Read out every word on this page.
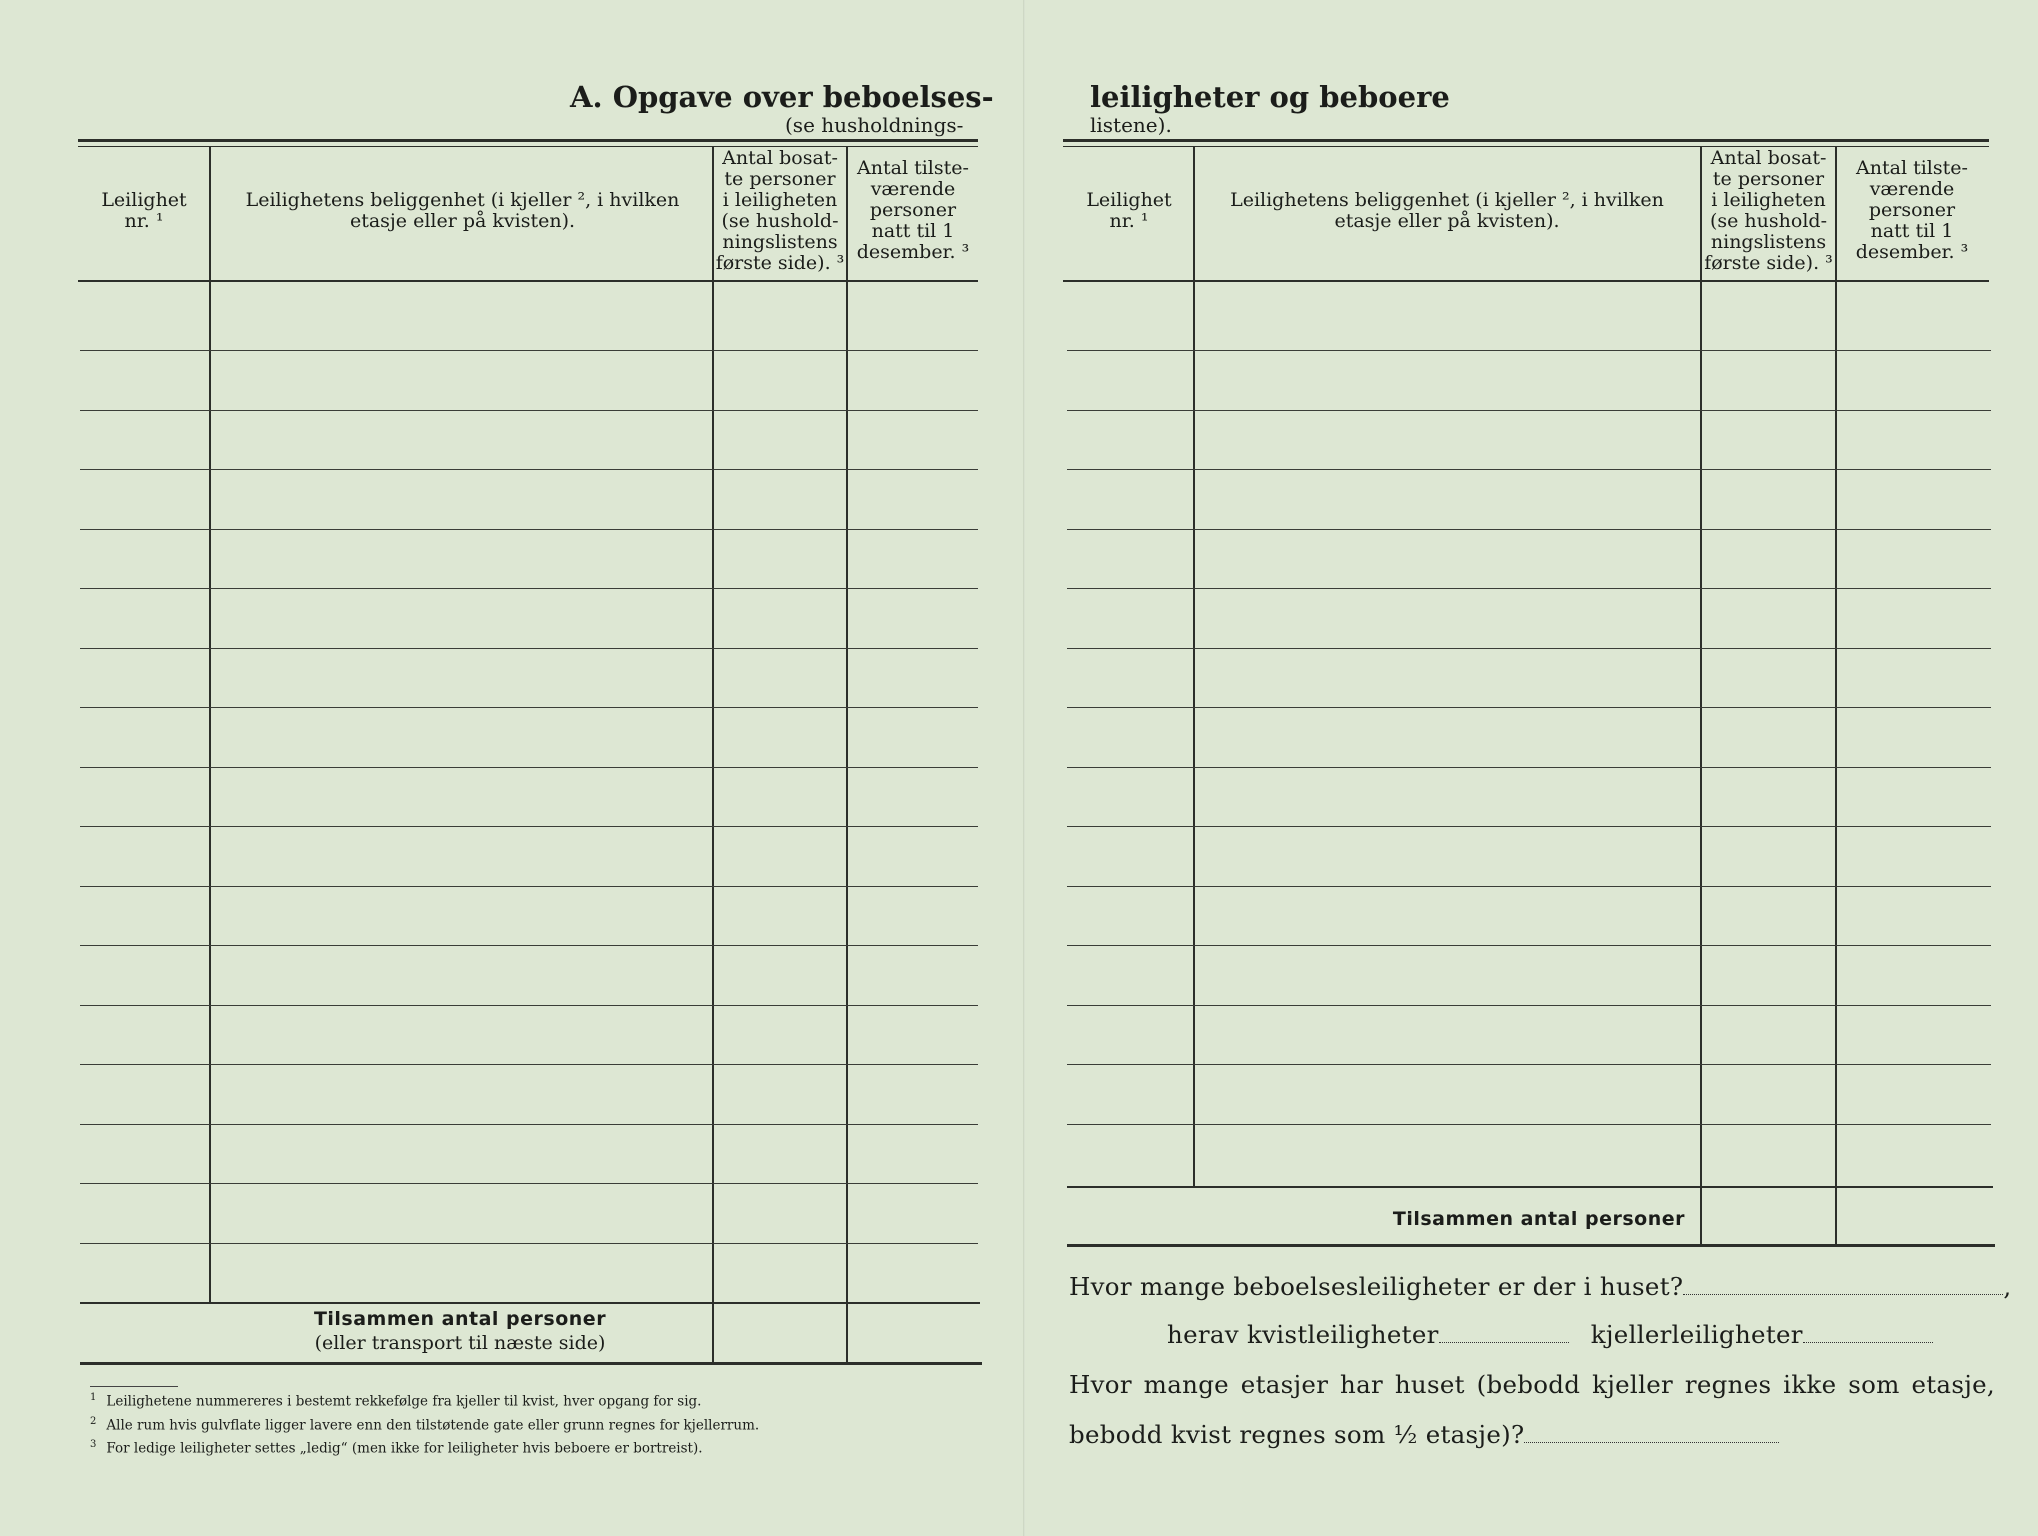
A. Opgave over beboelses-
(se husholdnings-
Leilighet
nr. ¹
Leilighetens beliggenhet (i kjeller ², i hvilken
etasje eller på kvisten).
Antal bosat-
te personer
i leiligheten
(se hushold-
ningslistens
første side). ³
Antal tilste-
værende
personer
natt til 1
desember. ³
Tilsammen antal personer
(eller transport til næste side)
$^1$ Leilighetene nummereres i bestemt rekkefølge fra kjeller til kvist, hver opgang for sig.
$^2$ Alle rum hvis gulvflate ligger lavere enn den tilstøtende gate eller grunn regnes for kjellerrum.
$^3$ For ledige leiligheter settes „ledig“ (men ikke for leiligheter hvis beboere er bortreist).
leiligheter og beboere
listene).
Leilighet
nr. ¹
Leilighetens beliggenhet (i kjeller ², i hvilken
etasje eller på kvisten).
Antal bosat-
te personer
i leiligheten
(se hushold-
ningslistens
første side). ³
Antal tilste-
værende
personer
natt til 1
desember. ³
Tilsammen antal personer
Hvor mange beboelsesleiligheter er der i huset?	,
herav kvistleiligheter	kjellerleiligheter
Hvor mange etasjer har huset (bebodd kjeller regnes ikke som etasje,
bebodd kvist regnes som ½ etasje)?
